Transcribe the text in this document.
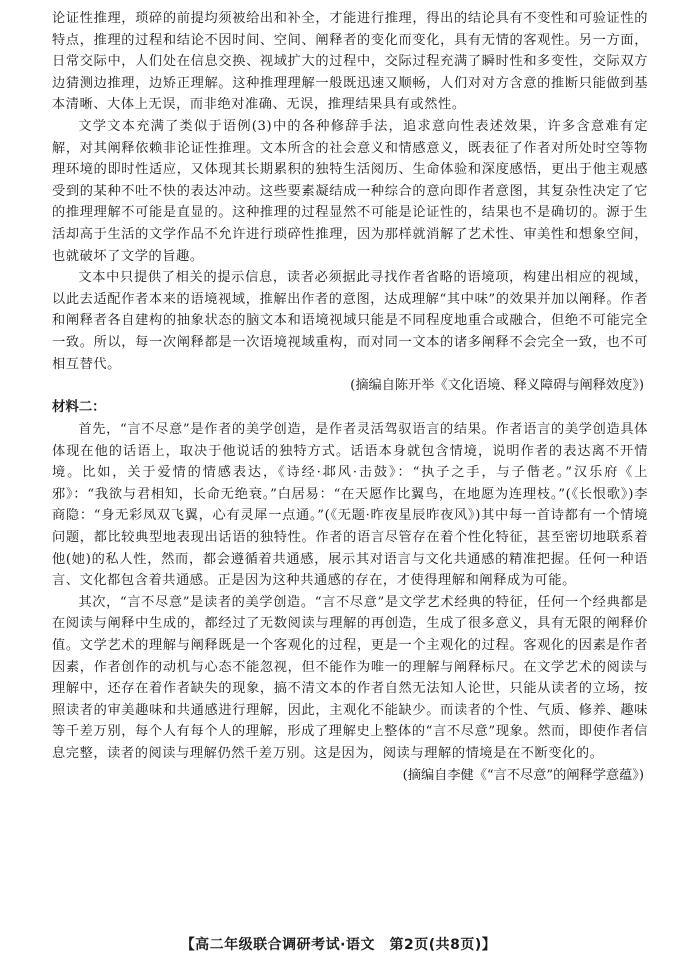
论证性推理，琐碎的前提均须被给出和补全，才能进行推理，得出的结论具有不变性和可验证性的特点，推理的过程和结论不因时间、空间、阐释者的变化而变化，具有无情的客观性。另一方面，日常交际中，人们处在信息交换、视域扩大的过程中，交际过程充满了瞬时性和多变性，交际双方边猜测边推理，边矫正理解。这种推理理解一般既迅速又顺畅，人们对对方含意的推断只能做到基本清晰、大体上无误，而非绝对准确、无误，推理结果具有或然性。

文学文本充满了类似于语例(3)中的各种修辞手法，追求意向性表述效果，许多含意难有定解，对其阐释依赖非论证性推理。文本所含的社会意义和情感意义，既表征了作者对所处时空等物理环境的即时性适应，又体现其长期累积的独特生活阅历、生命体验和深度感悟，更出于他主观感受到的某种不吐不快的表达冲动。这些要素凝结成一种综合的意向即作者意图，其复杂性决定了它的推理理解不可能是直显的。这种推理的过程显然不可能是论证性的，结果也不是确切的。源于生活却高于生活的文学作品不允许进行琐碎性推理，因为那样就消解了艺术性、审美性和想象空间，也就破坏了文学的旨趣。

文本中只提供了相关的提示信息，读者必须据此寻找作者省略的语境项，构建出相应的视域，以此去适配作者本来的语境视域，推解出作者的意图，达成理解“其中味”的效果并加以阐释。作者和阐释者各自建构的抽象状态的脑文本和语境视域只能是不同程度地重合或融合，但绝不可能完全一致。所以，每一次阐释都是一次语境视域重构，而对同一文本的诸多阐释不会完全一致，也不可相互替代。

(摘编自陈开举《文化语境、释义障碍与阐释效度》)

材料二：

首先，“言不尽意”是作者的美学创造，是作者灵活驾驭语言的结果。作者语言的美学创造具体体现在他的话语上，取决于他说话的独特方式。话语本身就包含情境，说明作者的表达离不开情境。比如，关于爱情的情感表达，《诗经·邶风·击鼓》：“执子之手，与子偕老。”汉乐府《上邪》：“我欲与君相知，长命无绝衰。”白居易：“在天愿作比翼鸟，在地愿为连理枝。”(《长恨歌》)李商隐：“身无彩凤双飞翼，心有灵犀一点通。”(《无题·昨夜星辰昨夜风》)其中每一首诗都有一个情境问题，都比较典型地表现出话语的独特性。作者的语言尽管存在着个性化特征，甚至密切地联系着他(她)的私人性，然而，都会遵循着共通感，展示其对语言与文化共通感的精准把握。任何一种语言、文化都包含着共通感。正是因为这种共通感的存在，才使得理解和阐释成为可能。

其次，“言不尽意”是读者的美学创造。“言不尽意”是文学艺术经典的特征，任何一个经典都是在阅读与阐释中生成的，都经过了无数阅读与理解的再创造，生成了很多意义，具有无限的阐释价值。文学艺术的理解与阐释既是一个客观化的过程，更是一个主观化的过程。客观化的因素是作者因素，作者创作的动机与心态不能忽视，但不能作为唯一的理解与阐释标尺。在文学艺术的阅读与理解中，还存在着作者缺失的现象，搞不清文本的作者自然无法知人论世，只能从读者的立场，按照读者的审美趣味和共通感进行理解，因此，主观化不能缺少。而读者的个性、气质、修养、趣味等千差万别，每个人有每个人的理解，形成了理解史上整体的“言不尽意”现象。然而，即使作者信息完整，读者的阅读与理解仍然千差万别。这是因为，阅读与理解的情境是在不断变化的。

(摘编自李健《“言不尽意”的阐释学意蕴》)

【高二年级联合调研考试·语文　第2页(共8页)】
